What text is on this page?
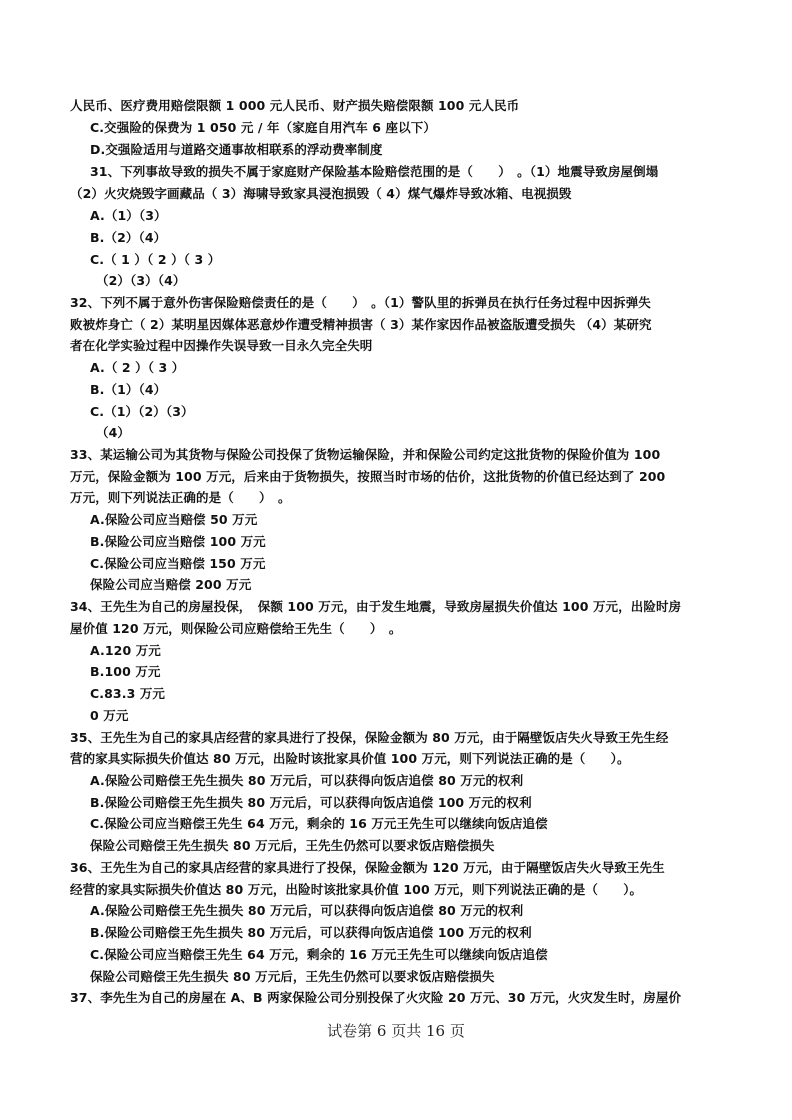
人民币、医疗费用赔偿限额 1 000 元人民币、财产损失赔偿限额 100 元人民币
C.交强险的保费为 1 050 元 / 年（家庭自用汽车 6 座以下）
D.交强险适用与道路交通事故相联系的浮动费率制度
31、下列事故导致的损失不属于家庭财产保险基本险赔偿范围的是（　　）　。（1）地震导致房屋倒塌
（2）火灾烧毁字画藏品（ 3）海啸导致家具浸泡损毁（ 4）煤气爆炸导致冰箱、电视损毁
A.（1）（3）
B.（2）（4）
C.（ 1 ）（ 2 ）（ 3 ）
（2）（3）（4）
32、下列不属于意外伤害保险赔偿责任的是（　　）　。（1）警队里的拆弹员在执行任务过程中因拆弹失
败被炸身亡（ 2）某明星因媒体恶意炒作遭受精神损害（ 3）某作家因作品被盗版遭受损失 （4）某研究
者在化学实验过程中因操作失误导致一目永久完全失明
A.（ 2 ）（ 3 ）
B.（1）（4）
C.（1）（2）（3）
（4）
33、某运输公司为其货物与保险公司投保了货物运输保险，并和保险公司约定这批货物的保险价值为 100
万元，保险金额为 100 万元，后来由于货物损失，按照当时市场的估价，这批货物的价值已经达到了 200
万元，则下列说法正确的是（　　）　。
A.保险公司应当赔偿 50 万元
B.保险公司应当赔偿 100 万元
C.保险公司应当赔偿 150 万元
保险公司应当赔偿 200 万元
34、王先生为自己的房屋投保，　保额 100 万元，由于发生地震，导致房屋损失价值达 100 万元，出险时房
屋价值 120 万元，则保险公司应赔偿给王先生（　　）　。
A.120 万元
B.100 万元
C.83.3 万元
0 万元
35、王先生为自己的家具店经营的家具进行了投保，保险金额为 80 万元，由于隔壁饭店失火导致王先生经
营的家具实际损失价值达 80 万元，出险时该批家具价值 100 万元，则下列说法正确的是（　　）。
A.保险公司赔偿王先生损失 80 万元后，可以获得向饭店追偿 80 万元的权利
B.保险公司赔偿王先生损失 80 万元后，可以获得向饭店追偿 100 万元的权利
C.保险公司应当赔偿王先生 64 万元，剩余的 16 万元王先生可以继续向饭店追偿
保险公司赔偿王先生损失 80 万元后，王先生仍然可以要求饭店赔偿损失
36、王先生为自己的家具店经营的家具进行了投保，保险金额为 120 万元，由于隔壁饭店失火导致王先生
经营的家具实际损失价值达 80 万元，出险时该批家具价值 100 万元，则下列说法正确的是（　　）。
A.保险公司赔偿王先生损失 80 万元后，可以获得向饭店追偿 80 万元的权利
B.保险公司赔偿王先生损失 80 万元后，可以获得向饭店追偿 100 万元的权利
C.保险公司应当赔偿王先生 64 万元，剩余的 16 万元王先生可以继续向饭店追偿
保险公司赔偿王先生损失 80 万元后，王先生仍然可以要求饭店赔偿损失
37、李先生为自己的房屋在 A、B 两家保险公司分别投保了火灾险 20 万元、30 万元，火灾发生时，房屋价
试卷第 6 页共 16 页
